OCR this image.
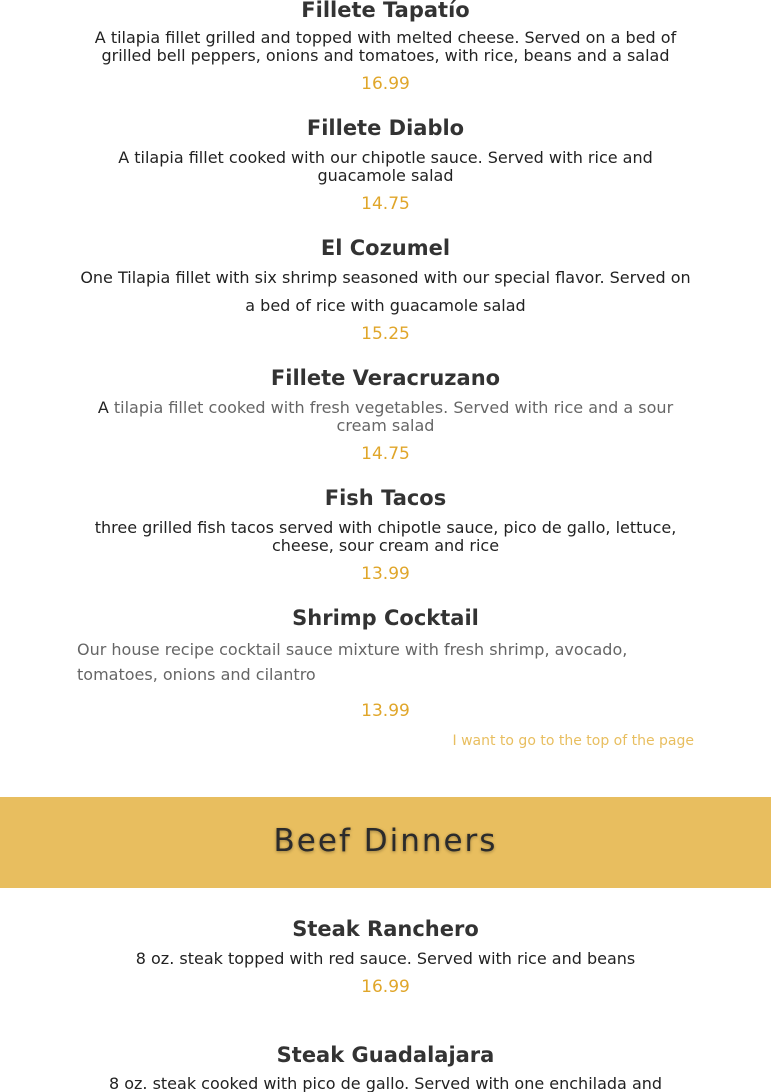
Fillete Tapatío

A tilapia fillet grilled and topped with melted cheese. Served on a bed of grilled bell peppers, onions and tomatoes, with rice, beans and a salad

16.99

Fillete Diablo

A tilapia fillet cooked with our chipotle sauce. Served with rice and guacamole salad

14.75

El Cozumel

One Tilapia fillet with six shrimp seasoned with our special flavor. Served on a bed of rice with guacamole salad

15.25

Fillete Veracruzano

A tilapia fillet cooked with fresh vegetables. Served with rice and a sour cream salad

14.75

Fish Tacos

three grilled fish tacos served with chipotle sauce, pico de gallo, lettuce, cheese, sour cream and rice

13.99

Shrimp Cocktail

Our house recipe cocktail sauce mixture with fresh shrimp, avocado, tomatoes, onions and cilantro

13.99

I want to go to the top of the page
Beef Dinners
Steak Ranchero

8 oz. steak topped with red sauce. Served with rice and beans

16.99

Steak Guadalajara

8 oz. steak cooked with pico de gallo. Served with one enchilada and
